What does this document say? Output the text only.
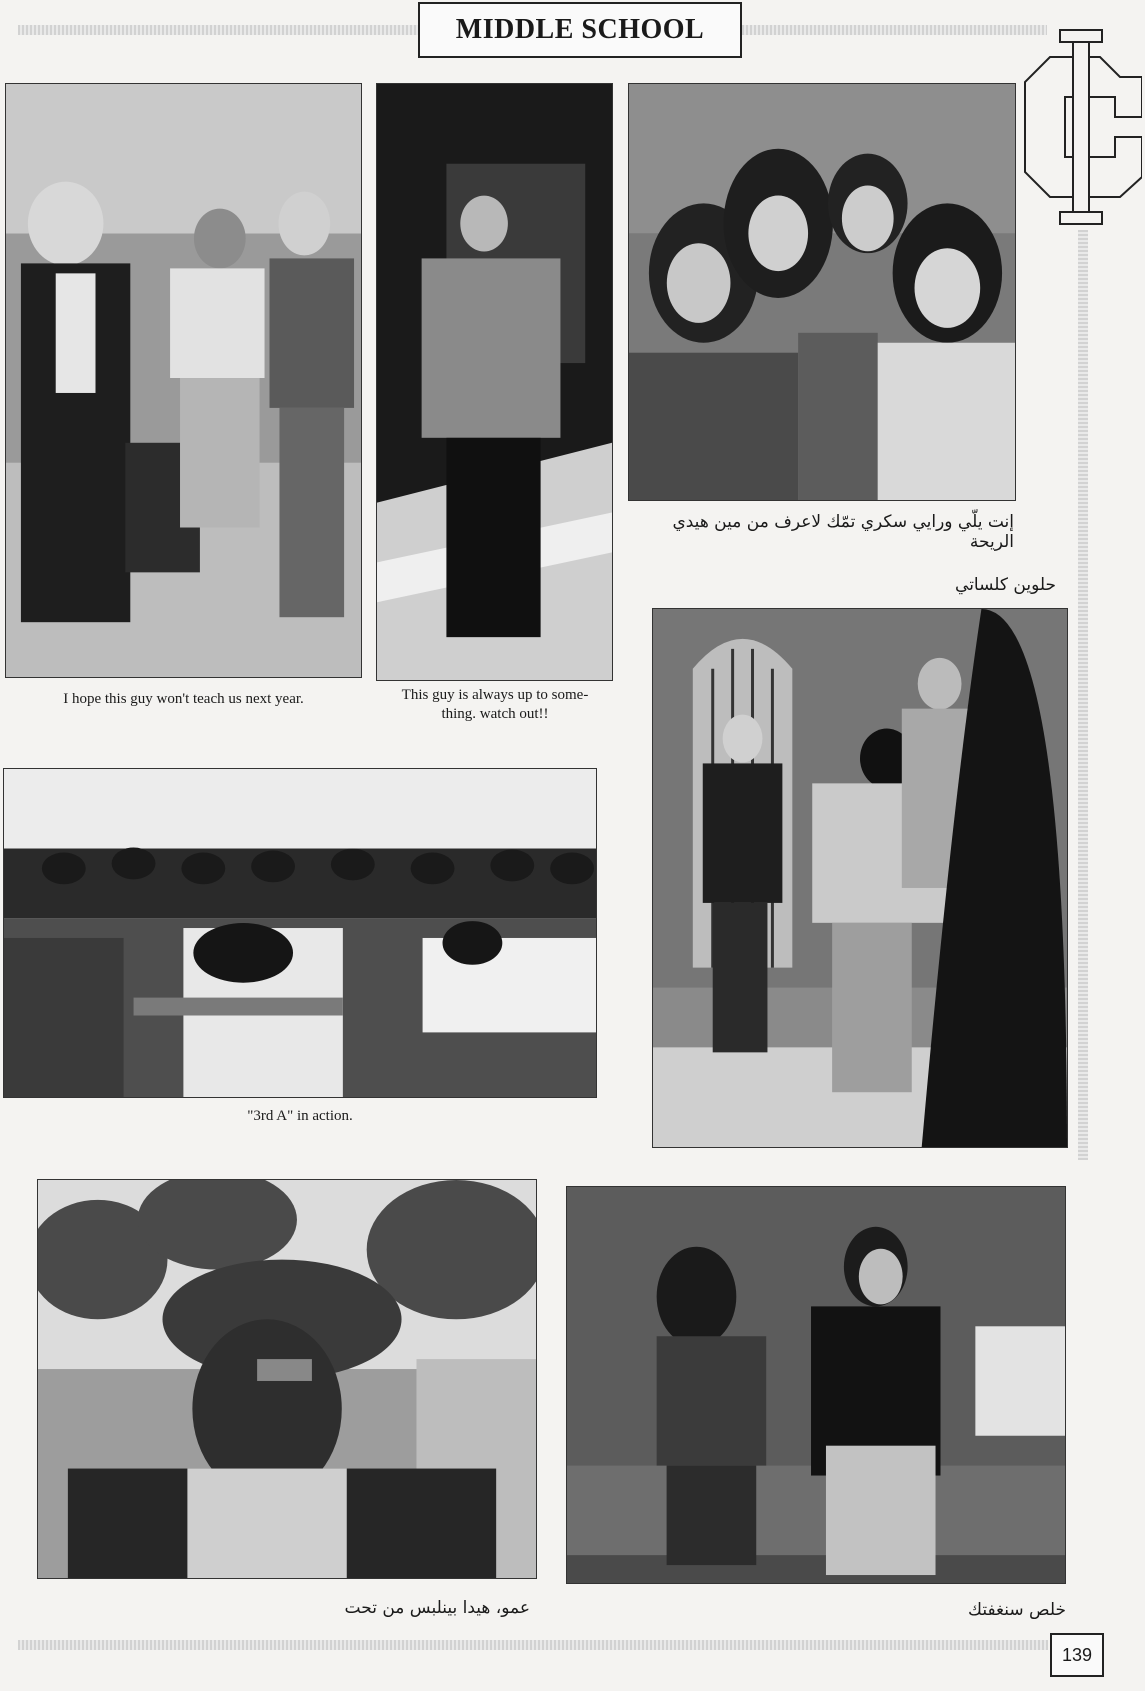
MIDDLE SCHOOL
I hope this guy won't teach us next year.	This guy is always up to some-
thing. watch out!!
إنت يلّي ورايي سكري تمّك لاعرف من مين هيدي الريحة
حلوين كلساتي
"3rd A" in action.
عمو، هيدا بينلبس من تحت	خلص سنغفتك
139
